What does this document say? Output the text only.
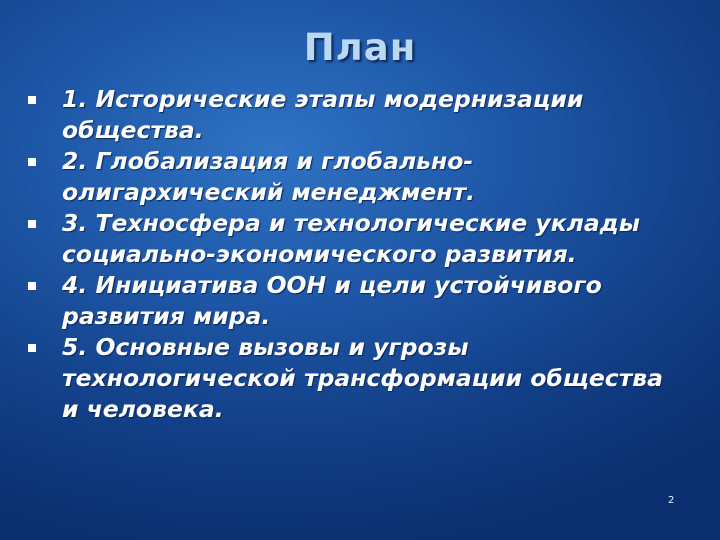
План
1. Исторические этапы модернизации общества.
2. Глобализация и глобально-олигархический менеджмент.
3. Техносфера и технологические уклады социально-экономического развития.
4. Инициатива ООН и цели устойчивого развития мира.
5. Основные вызовы и угрозы технологической трансформации общества и человека.
2
